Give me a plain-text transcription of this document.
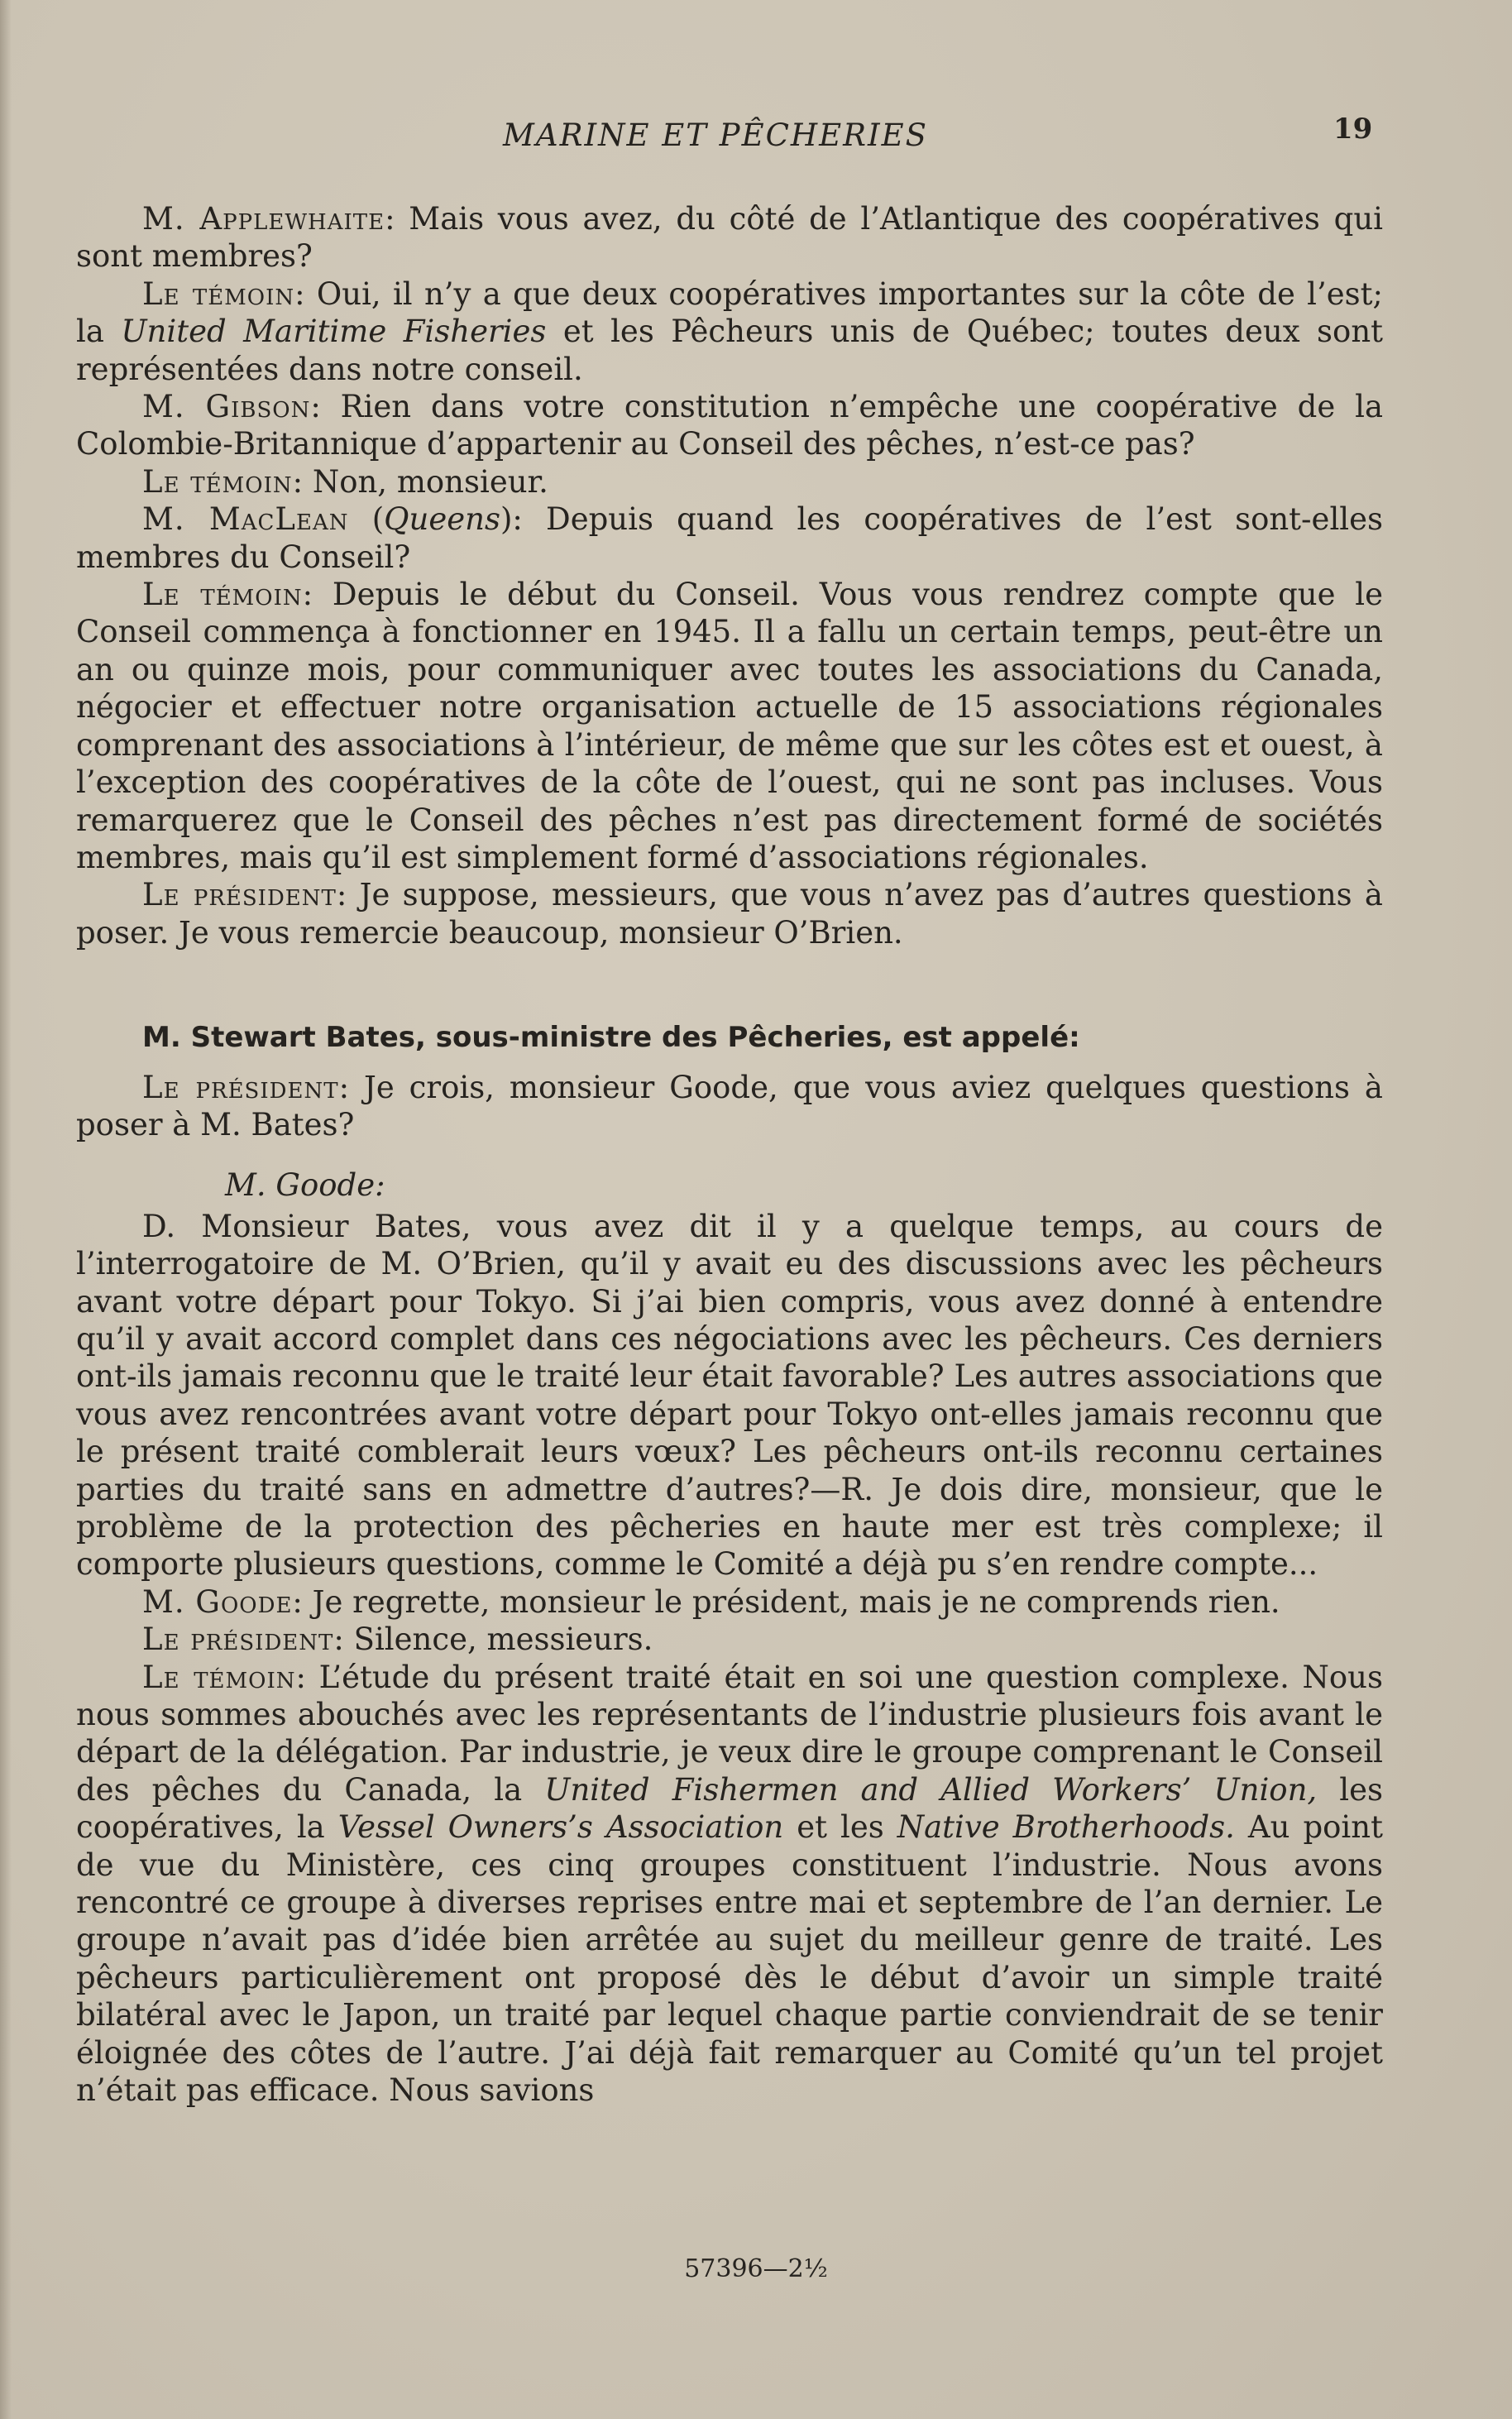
MARINE ET PÊCHERIES	19

M. Applewhaite: Mais vous avez, du côté de l’Atlantique des coopératives qui sont membres?

Le témoin: Oui, il n’y a que deux coopératives importantes sur la côte de l’est; la United Maritime Fisheries et les Pêcheurs unis de Québec; toutes deux sont représentées dans notre conseil.

M. Gibson: Rien dans votre constitution n’empêche une coopérative de la Colombie-Britannique d’appartenir au Conseil des pêches, n’est-ce pas?

Le témoin: Non, monsieur.

M. MacLean (Queens): Depuis quand les coopératives de l’est sont-elles membres du Conseil?

Le témoin: Depuis le début du Conseil. Vous vous rendrez compte que le Conseil commença à fonctionner en 1945. Il a fallu un certain temps, peut-être un an ou quinze mois, pour communiquer avec toutes les associations du Canada, négocier et effectuer notre organisation actuelle de 15 associations régionales comprenant des associations à l’intérieur, de même que sur les côtes est et ouest, à l’exception des coopératives de la côte de l’ouest, qui ne sont pas incluses. Vous remarquerez que le Conseil des pêches n’est pas directement formé de sociétés membres, mais qu’il est simplement formé d’associations régionales.

Le président: Je suppose, messieurs, que vous n’avez pas d’autres questions à poser. Je vous remercie beaucoup, monsieur O’Brien.

M. Stewart Bates, sous-ministre des Pêcheries, est appelé:

Le président: Je crois, monsieur Goode, que vous aviez quelques questions à poser à M. Bates?

M. Goode:

D. Monsieur Bates, vous avez dit il y a quelque temps, au cours de l’interrogatoire de M. O’Brien, qu’il y avait eu des discussions avec les pêcheurs avant votre départ pour Tokyo. Si j’ai bien compris, vous avez donné à entendre qu’il y avait accord complet dans ces négociations avec les pêcheurs. Ces derniers ont-ils jamais reconnu que le traité leur était favorable? Les autres associations que vous avez rencontrées avant votre départ pour Tokyo ont-elles jamais reconnu que le présent traité comblerait leurs vœux? Les pêcheurs ont-ils reconnu certaines parties du traité sans en admettre d’autres?—R. Je dois dire, monsieur, que le problème de la protection des pêcheries en haute mer est très complexe; il comporte plusieurs questions, comme le Comité a déjà pu s’en rendre compte...

M. Goode: Je regrette, monsieur le président, mais je ne comprends rien.

Le président: Silence, messieurs.

Le témoin: L’étude du présent traité était en soi une question complexe. Nous nous sommes abouchés avec les représentants de l’industrie plusieurs fois avant le départ de la délégation. Par industrie, je veux dire le groupe comprenant le Conseil des pêches du Canada, la United Fishermen and Allied Workers’ Union, les coopératives, la Vessel Owners’s Association et les Native Brotherhoods. Au point de vue du Ministère, ces cinq groupes constituent l’industrie. Nous avons rencontré ce groupe à diverses reprises entre mai et septembre de l’an dernier. Le groupe n’avait pas d’idée bien arrêtée au sujet du meilleur genre de traité. Les pêcheurs particulièrement ont proposé dès le début d’avoir un simple traité bilatéral avec le Japon, un traité par lequel chaque partie conviendrait de se tenir éloignée des côtes de l’autre. J’ai déjà fait remarquer au Comité qu’un tel projet n’était pas efficace. Nous savions

57396—2½
